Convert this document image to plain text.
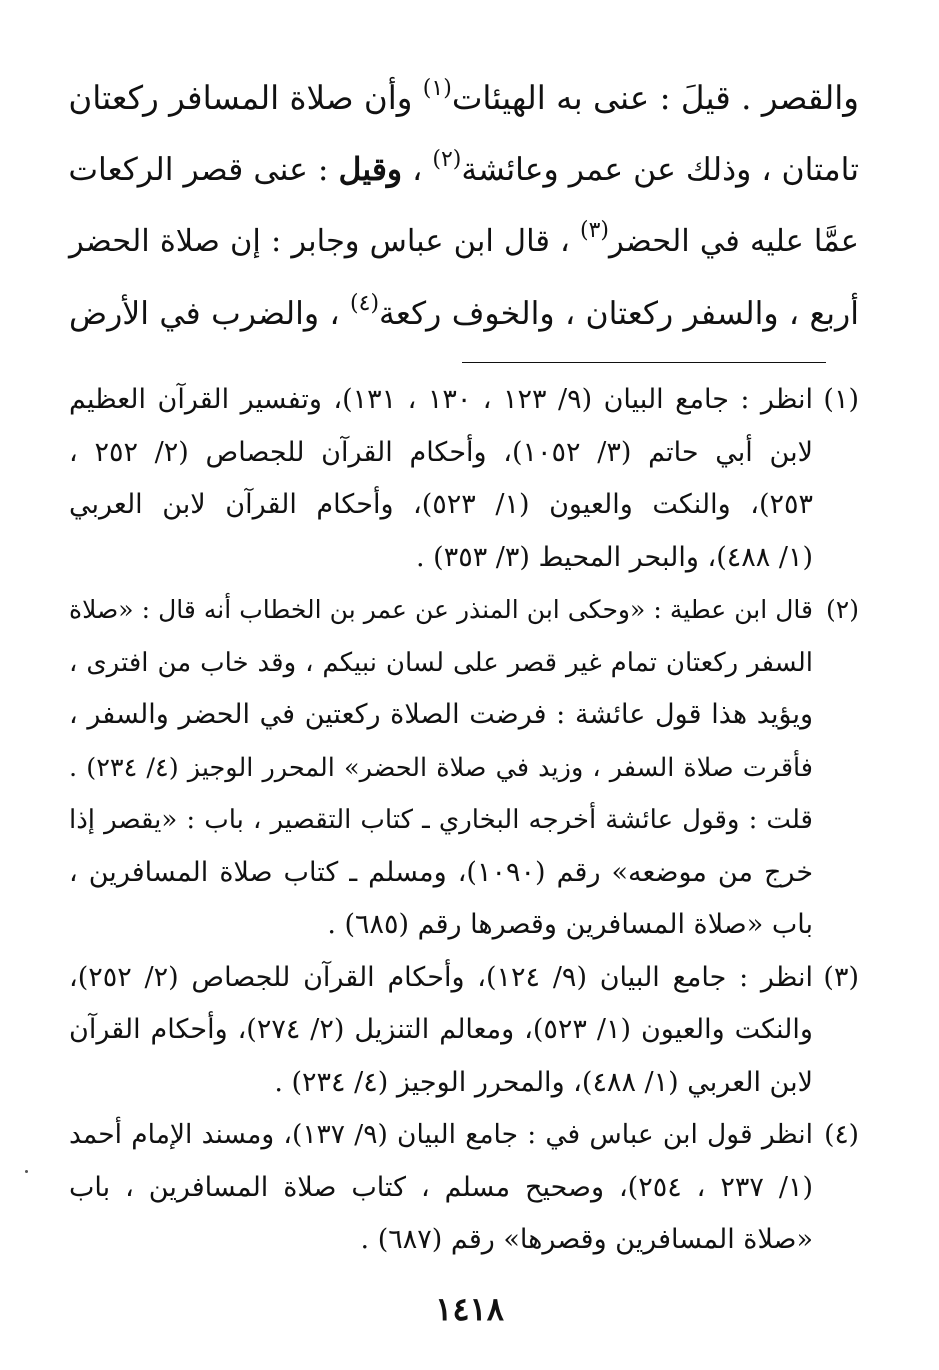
والقصر . قيلَ : عنى به الهيئات$^{(١)}$ وأن صلاة المسافر ركعتان
تامتان ، وذلك عن عمر وعائشة$^{(٢)}$ ، وقيل : عنى قصر الركعات
عمَّا عليه في الحضر$^{(٣)}$ ، قال ابن عباس وجابر : إن صلاة الحضر
أربع ، والسفر ركعتان ، والخوف ركعة$^{(٤)}$ ، والضرب في الأرض
(١)انظر : جامع البيان (٩/ ١٢٣ ، ١٣٠ ، ١٣١)، وتفسير القرآن العظيم
لابن أبي حاتم (٣/ ١٠٥٢)، وأحكام القرآن للجصاص (٢/ ٢٥٢ ،
٢٥٣)، والنكت والعيون (١/ ٥٢٣)، وأحكام القرآن لابن العربي
(١/ ٤٨٨)، والبحر المحيط (٣/ ٣٥٣) .
(٢)قال ابن عطية : «وحكى ابن المنذر عن عمر بن الخطاب أنه قال : «صلاة
السفر ركعتان تمام غير قصر على لسان نبيكم ، وقد خاب من افترى ،
ويؤيد هذا قول عائشة : فرضت الصلاة ركعتين في الحضر والسفر ،
فأقرت صلاة السفر ، وزيد في صلاة الحضر» المحرر الوجيز (٤/ ٢٣٤) .
قلت : وقول عائشة أخرجه البخاري ـ كتاب التقصير ، باب : «يقصر إذا
خرج من موضعه» رقم (١٠٩٠)، ومسلم ـ كتاب صلاة المسافرين ،
باب «صلاة المسافرين وقصرها رقم (٦٨٥) .
(٣)انظر : جامع البيان (٩/ ١٢٤)، وأحكام القرآن للجصاص (٢/ ٢٥٢)،
والنكت والعيون (١/ ٥٢٣)، ومعالم التنزيل (٢/ ٢٧٤)، وأحكام القرآن
لابن العربي (١/ ٤٨٨)، والمحرر الوجيز (٤/ ٢٣٤) .
(٤)انظر قول ابن عباس في : جامع البيان (٩/ ١٣٧)، ومسند الإمام أحمد
(١/ ٢٣٧ ، ٢٥٤)، وصحيح مسلم ، كتاب صلاة المسافرين ، باب
«صلاة المسافرين وقصرها» رقم (٦٨٧) .
١٤١٨
